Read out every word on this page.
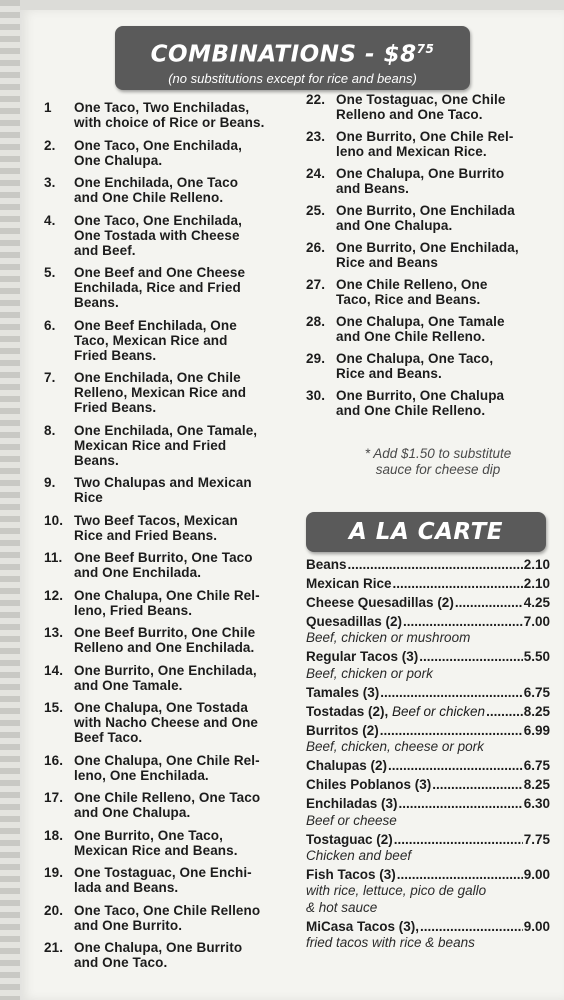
COMBINATIONS - $\$8^{75}$
(no substitutions except for rice and beans)
1	One Taco, Two Enchiladas,
with choice of Rice or Beans.
2.	One Taco, One Enchilada,
One Chalupa.
3.	One Enchilada, One Taco
and One Chile Relleno.
4.	One Taco, One Enchilada,
One Tostada with Cheese
and Beef.
5.	One Beef and One Cheese
Enchilada, Rice and Fried
Beans.
6.	One Beef Enchilada, One
Taco, Mexican Rice and
Fried Beans.
7.	One Enchilada, One Chile
Relleno, Mexican Rice and
Fried Beans.
8.	One Enchilada, One Tamale,
Mexican Rice and Fried
Beans.
9.	Two Chalupas and Mexican
Rice
10. Two Beef Tacos, Mexican
Rice and Fried Beans.
11. One Beef Burrito, One Taco
and One Enchilada.
12. One Chalupa, One Chile Rel-
leno, Fried Beans.
13. One Beef Burrito, One Chile
Relleno and One Enchilada.
14. One Burrito, One Enchilada,
and One Tamale.
15. One Chalupa, One Tostada
with Nacho Cheese and One
Beef Taco.
16. One Chalupa, One Chile Rel-
leno, One Enchilada.
17. One Chile Relleno, One Taco
and One Chalupa.
18. One Burrito, One Taco,
Mexican Rice and Beans.
19. One Tostaguac, One Enchi-
lada and Beans.
20. One Taco, One Chile Relleno
and One Burrito.
21. One Chalupa, One Burrito
and One Taco.
22. One Tostaguac, One Chile
Relleno and One Taco.
23. One Burrito, One Chile Rel-
leno and Mexican Rice.
24. One Chalupa, One Burrito
and Beans.
25. One Burrito, One Enchilada
and One Chalupa.
26. One Burrito, One Enchilada,
Rice and Beans
27. One Chile Relleno, One
Taco, Rice and Beans.
28. One Chalupa, One Tamale
and One Chile Relleno.
29. One Chalupa, One Taco,
Rice and Beans.
30. One Burrito, One Chalupa
and One Chile Relleno.
* Add $1.50 to substitute
sauce for cheese dip
A LA CARTE
Beans .....	2.10
Mexican Rice .....	2.10
Cheese Quesadillas (2) .....	4.25
Quesadillas (2) .....	7.00
Beef, chicken or mushroom
Regular Tacos (3) .....	5.50
Beef, chicken or pork
Tamales (3) .....	6.75
Tostadas (2), Beef or chicken .....	8.25
Burritos (2) .....	6.99
Beef, chicken, cheese or pork
Chalupas (2) .....	6.75
Chiles Poblanos (3) .....	8.25
Enchiladas (3) .....	6.30
Beef or cheese
Tostaguac (2) .....	7.75
Chicken and beef
Fish Tacos (3) .....	9.00
with rice, lettuce, pico de gallo
& hot sauce
MiCasa Tacos (3), .....	9.00
fried tacos with rice & beans
